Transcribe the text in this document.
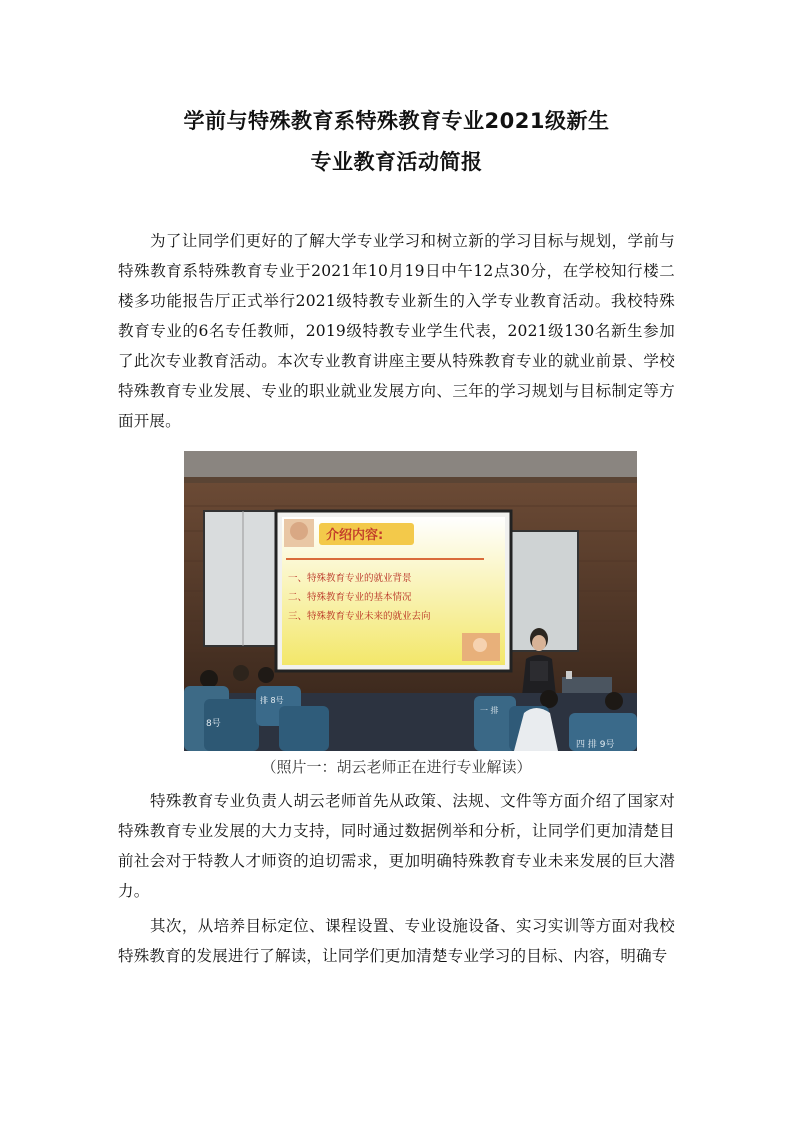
学前与特殊教育系特殊教育专业2021级新生
专业教育活动简报

为了让同学们更好的了解大学专业学习和树立新的学习目标与规划，学前与特殊教育系特殊教育专业于2021年10月19日中午12点30分，在学校知行楼二楼多功能报告厅正式举行2021级特教专业新生的入学专业教育活动。我校特殊教育专业的6名专任教师，2019级特教专业学生代表，2021级130名新生参加了此次专业教育活动。本次专业教育讲座主要从特殊教育专业的就业前景、学校特殊教育专业发展、专业的职业就业发展方向、三年的学习规划与目标制定等方面开展。

介绍内容:
一、特殊教育专业的就业背景
二、特殊教育专业的基本情况
三、特殊教育专业未来的就业去向
8号
排 8号
一 排
四 排 9号

（照片一：胡云老师正在进行专业解读）

特殊教育专业负责人胡云老师首先从政策、法规、文件等方面介绍了国家对特殊教育专业发展的大力支持，同时通过数据例举和分析，让同学们更加清楚目前社会对于特教人才师资的迫切需求，更加明确特殊教育专业未来发展的巨大潜力。

其次，从培养目标定位、课程设置、专业设施设备、实习实训等方面对我校特殊教育的发展进行了解读，让同学们更加清楚专业学习的目标、内容，明确专
